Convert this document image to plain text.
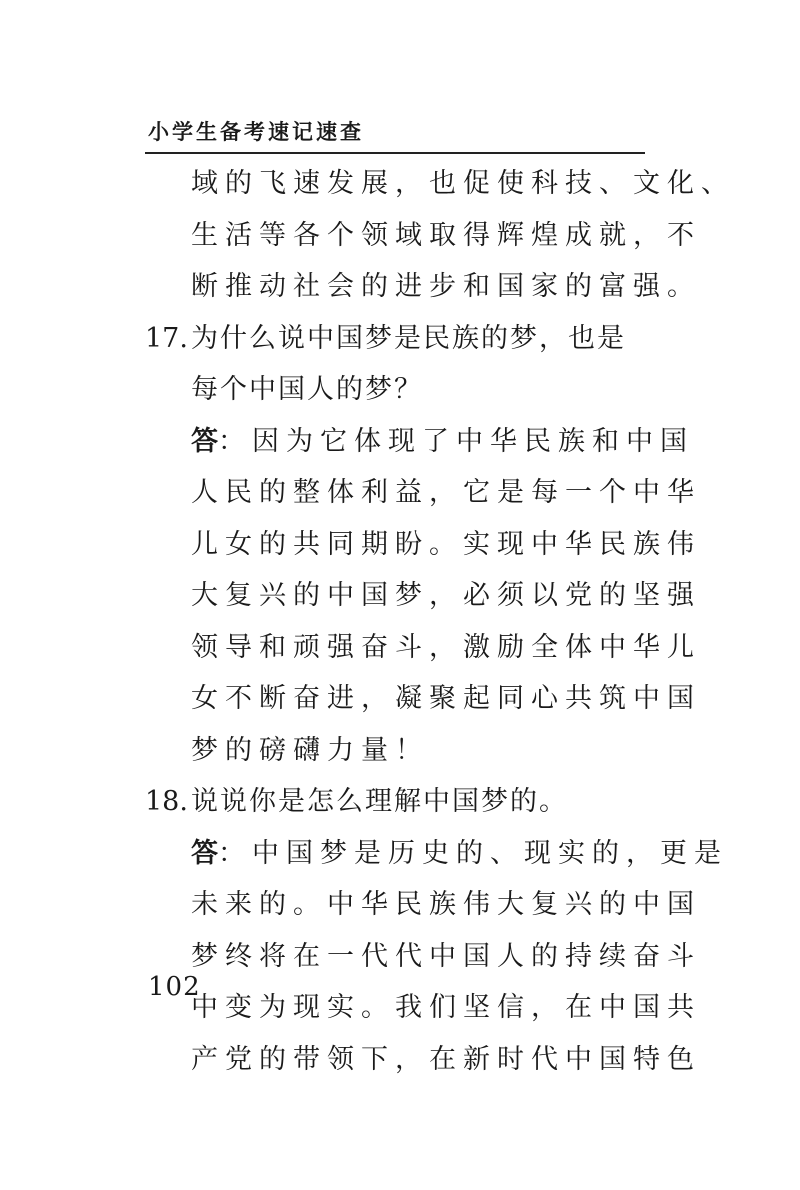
小学生备考速记速查
域的飞速发展，也促使科技、文化、
生活等各个领域取得辉煌成就，不
断推动社会的进步和国家的富强。
17. 为什么说中国梦是民族的梦，也是
每个中国人的梦？
答：因为它体现了中华民族和中国
人民的整体利益，它是每一个中华
儿女的共同期盼。实现中华民族伟
大复兴的中国梦，必须以党的坚强
领导和顽强奋斗，激励全体中华儿
女不断奋进，凝聚起同心共筑中国
梦的磅礴力量！
18. 说说你是怎么理解中国梦的。
答：中国梦是历史的、现实的，更是
未来的。中华民族伟大复兴的中国
梦终将在一代代中国人的持续奋斗
中变为现实。我们坚信，在中国共
产党的带领下，在新时代中国特色
102
